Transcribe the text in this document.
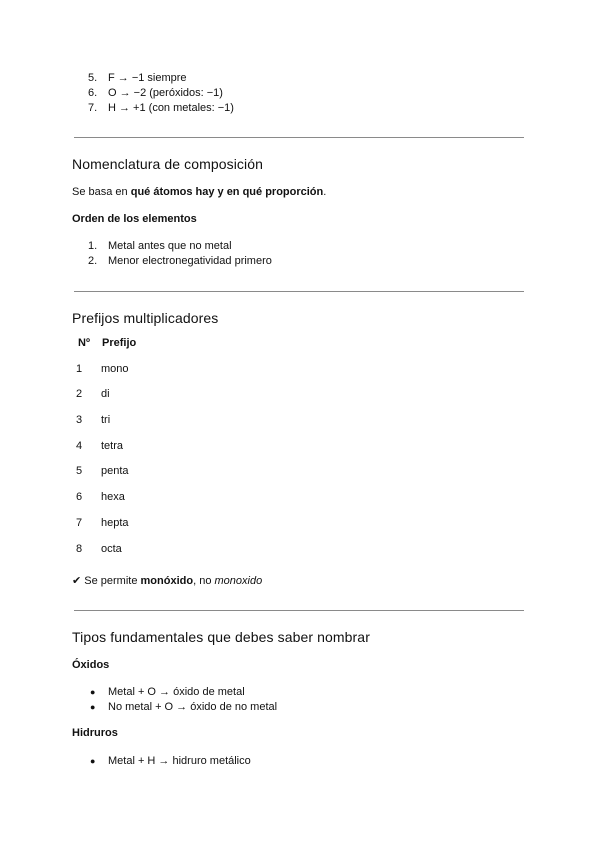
5. F → −1 siempre
6. O → −2 (peróxidos: −1)
7. H → +1 (con metales: −1)
Nomenclatura de composición
Se basa en qué átomos hay y en qué proporción.
Orden de los elementos
1. Metal antes que no metal
2. Menor electronegatividad primero
Prefijos multiplicadores
Nº Prefijo
1 mono
2 di
3 tri
4 tetra
5 penta
6 hexa
7 hepta
8 octa
✔ Se permite monóxido, no monoxido
Tipos fundamentales que debes saber nombrar
Óxidos
● Metal + O → óxido de metal
● No metal + O → óxido de no metal
Hidruros
● Metal + H → hidruro metálico
